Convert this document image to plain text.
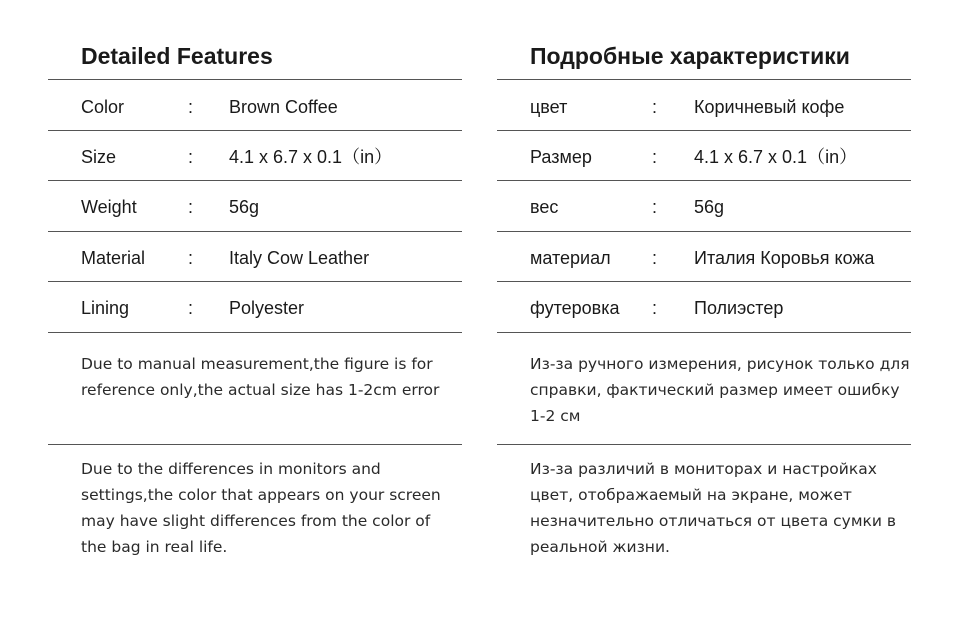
Detailed Features
Color	: Brown Coffee
Size	: 4.1 x 6.7 x 0.1（in）
Weight	: 56g
Material : Italy Cow Leather
Lining	: Polyester

Due to manual measurement,the figure is for reference only,the actual size has 1-2cm error

Due to the differences in monitors and settings,the color that appears on your screen may have slight differences from the color of the bag in real life.

Подробные характеристики
цвет	: Коричневый кофе
Размер	: 4.1 x 6.7 x 0.1（in）
вес	: 56g
материал : Италия Коровья кожа
футеровка : Полиэстер

Из-за ручного измерения, рисунок только для справки, фактический размер имеет ошибку 1-2 см

Из-за различий в мониторах и настройках цвет, отображаемый на экране, может незначительно отличаться от цвета сумки в реальной жизни.
